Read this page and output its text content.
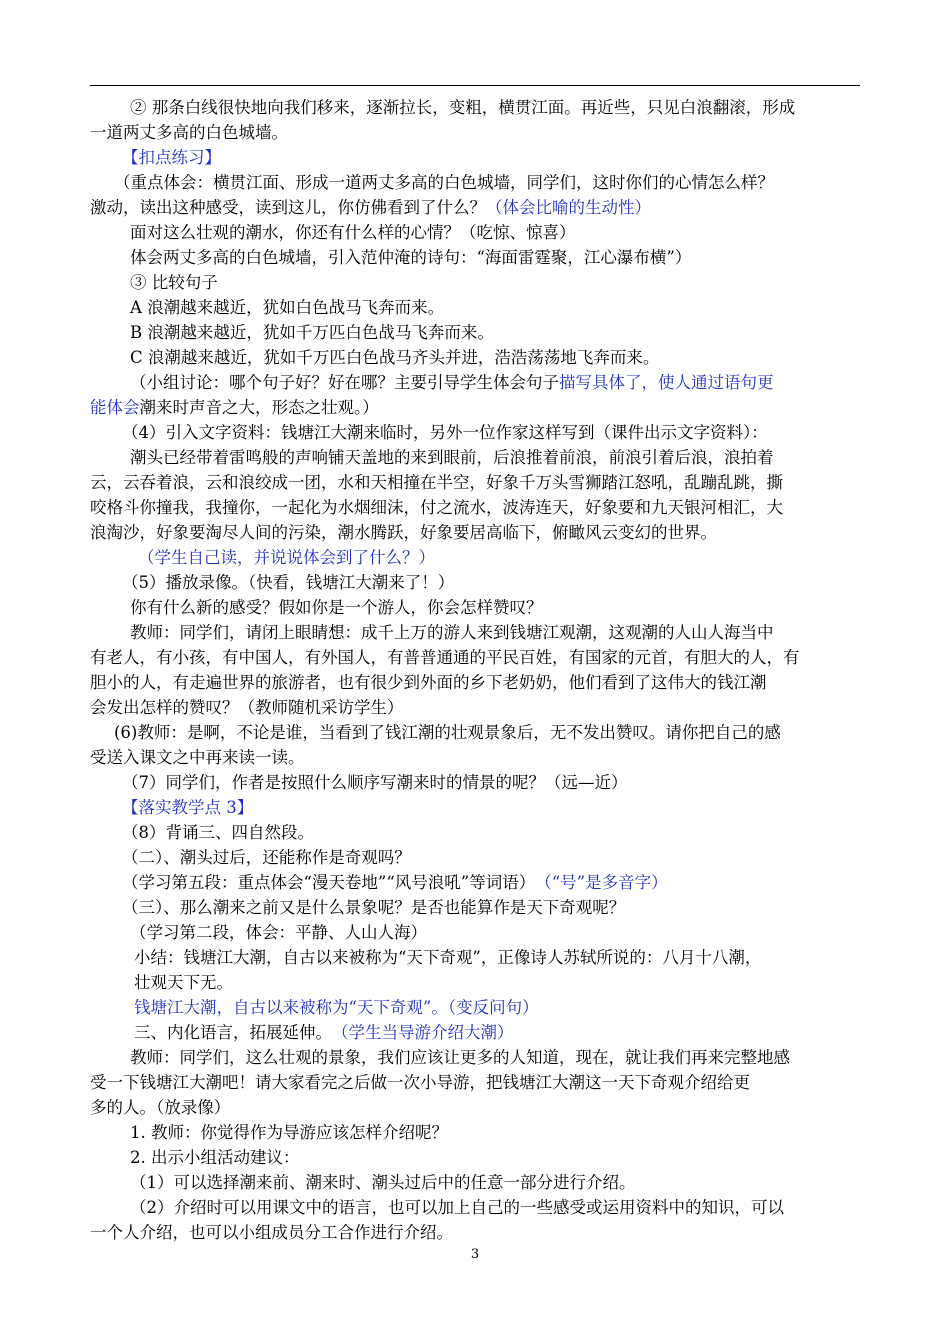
② 那条白线很快地向我们移来，逐渐拉长，变粗，横贯江面。再近些，只见白浪翻滚，形成
一道两丈多高的白色城墙。
【扣点练习】
（重点体会：横贯江面、形成一道两丈多高的白色城墙，同学们，这时你们的心情怎么样？
激动，读出这种感受，读到这儿，你仿佛看到了什么？（体会比喻的生动性）
面对这么壮观的潮水，你还有什么样的心情？（吃惊、惊喜）
体会两丈多高的白色城墙，引入范仲淹的诗句：“海面雷霆聚，江心瀑布横”）
③ 比较句子
A 浪潮越来越近，犹如白色战马飞奔而来。
B 浪潮越来越近，犹如千万匹白色战马飞奔而来。
C 浪潮越来越近，犹如千万匹白色战马齐头并进，浩浩荡荡地飞奔而来。
（小组讨论：哪个句子好？好在哪？主要引导学生体会句子描写具体了，使人通过语句更
能体会潮来时声音之大，形态之壮观。）
（4）引入文字资料：钱塘江大潮来临时，另外一位作家这样写到（课件出示文字资料）：
潮头已经带着雷鸣般的声响铺天盖地的来到眼前，后浪推着前浪，前浪引着后浪，浪拍着
云，云吞着浪，云和浪绞成一团，水和天相撞在半空，好象千万头雪狮踏江怒吼，乱蹦乱跳，撕
咬格斗你撞我，我撞你，一起化为水烟细沫，付之流水，波涛连天，好象要和九天银河相汇，大
浪淘沙，好象要淘尽人间的污染，潮水腾跃，好象要居高临下，俯瞰风云变幻的世界。
（学生自己读，并说说体会到了什么？）
（5）播放录像。（快看，钱塘江大潮来了！）
你有什么新的感受？假如你是一个游人，你会怎样赞叹？
教师：同学们，请闭上眼睛想：成千上万的游人来到钱塘江观潮，这观潮的人山人海当中
有老人，有小孩，有中国人，有外国人，有普普通通的平民百姓，有国家的元首，有胆大的人，有
胆小的人，有走遍世界的旅游者，也有很少到外面的乡下老奶奶，他们看到了这伟大的钱江潮
会发出怎样的赞叹？（教师随机采访学生）
(6)教师：是啊，不论是谁，当看到了钱江潮的壮观景象后，无不发出赞叹。请你把自己的感
受送入课文之中再来读一读。
（7）同学们，作者是按照什么顺序写潮来时的情景的呢？（远—近）
【落实教学点 3】
（8）背诵三、四自然段。
（二）、潮头过后，还能称作是奇观吗？
（学习第五段：重点体会“漫天卷地”“风号浪吼”等词语）　（“号”是多音字）
（三）、那么潮来之前又是什么景象呢？是否也能算作是天下奇观呢？
（学习第二段，体会：平静、人山人海）
小结：钱塘江大潮，自古以来被称为“天下奇观”，正像诗人苏轼所说的：八月十八潮，
壮观天下无。
钱塘江大潮，自古以来被称为“天下奇观”。（变反问句）
三、内化语言，拓展延伸。　（学生当导游介绍大潮）
教师：同学们，这么壮观的景象，我们应该让更多的人知道，现在，就让我们再来完整地感
受一下钱塘江大潮吧！请大家看完之后做一次小导游，把钱塘江大潮这一天下奇观介绍给更
多的人。（放录像）
1. 教师：你觉得作为导游应该怎样介绍呢？
2. 出示小组活动建议：
（1）可以选择潮来前、潮来时、潮头过后中的任意一部分进行介绍。
（2）介绍时可以用课文中的语言，也可以加上自己的一些感受或运用资料中的知识，可以
一个人介绍，也可以小组成员分工合作进行介绍。
3
